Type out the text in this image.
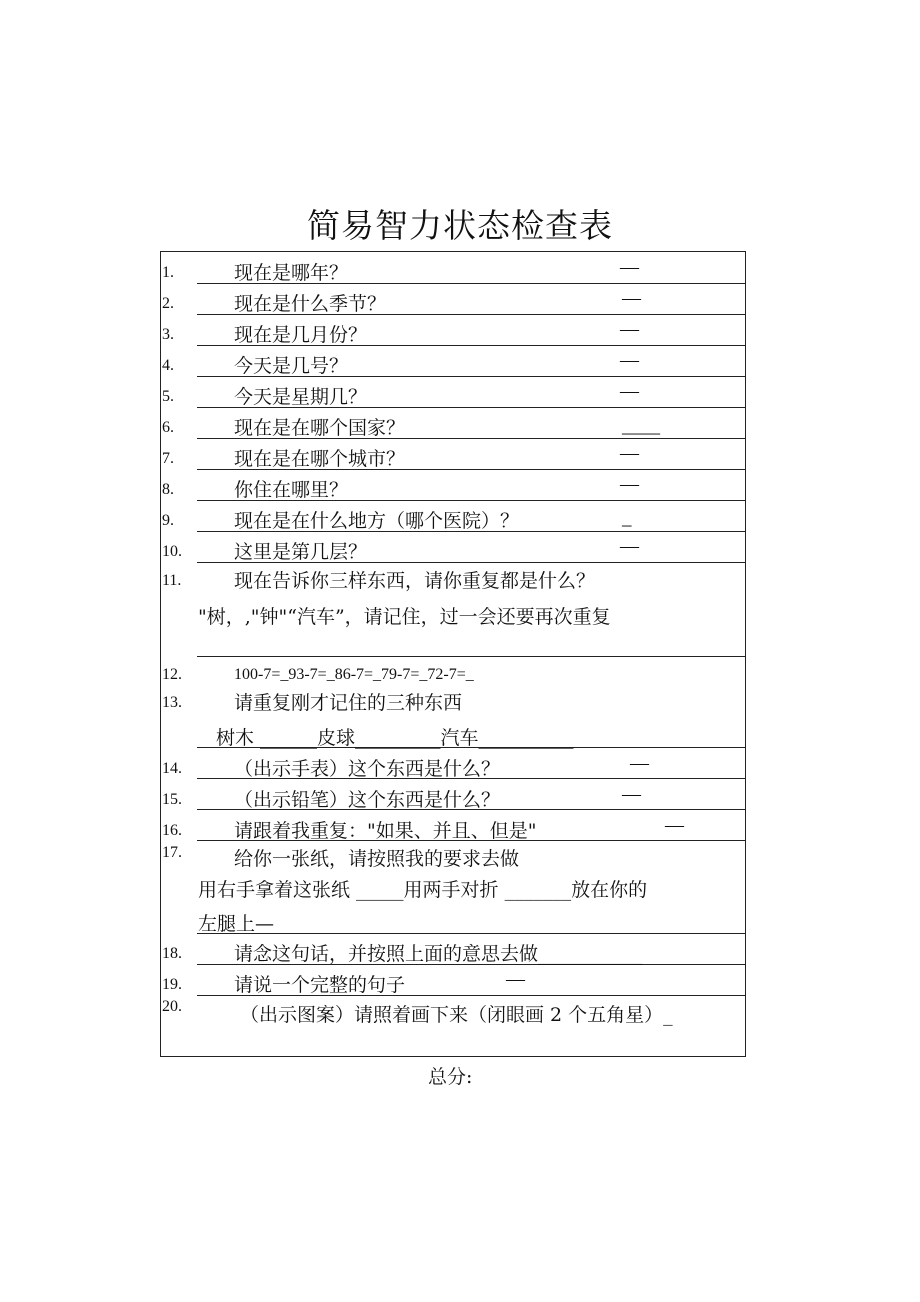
简易智力状态检查表
1.	现在是哪年？	—
2.	现在是什么季节？	—
3.	现在是几月份？	—
4.	今天是几号？	—
5.	今天是星期几？	—
6.	现在是在哪个国家？	____
7.	现在是在哪个城市？	—
8.	你住在哪里？	—
9.	现在是在什么地方（哪个医院）？	_
10.	这里是第几层？	—
11.	现在告诉你三样东西，请你重复都是什么？
"树，,"钟"“汽车”，请记住，过一会还要再次重复
12.	100-7=_93-7=_86-7=_79-7=_72-7=_
13.	请重复刚才记住的三种东西
树木 ______皮球_________汽车__________
14.	（出示手表）这个东西是什么？	—
15.	（出示铅笔）这个东西是什么？	—
16.	请跟着我重复："如果、并且、但是"	—
17.	给你一张纸，请按照我的要求去做
用右手拿着这张纸 _____用两手对折 _______放在你的
左腿上—
18.	请念这句话，并按照上面的意思去做___________
19.	请说一个完整的句子	—
20.	（出示图案）请照着画下来（闭眼画 2 个五角星）_
总分:
